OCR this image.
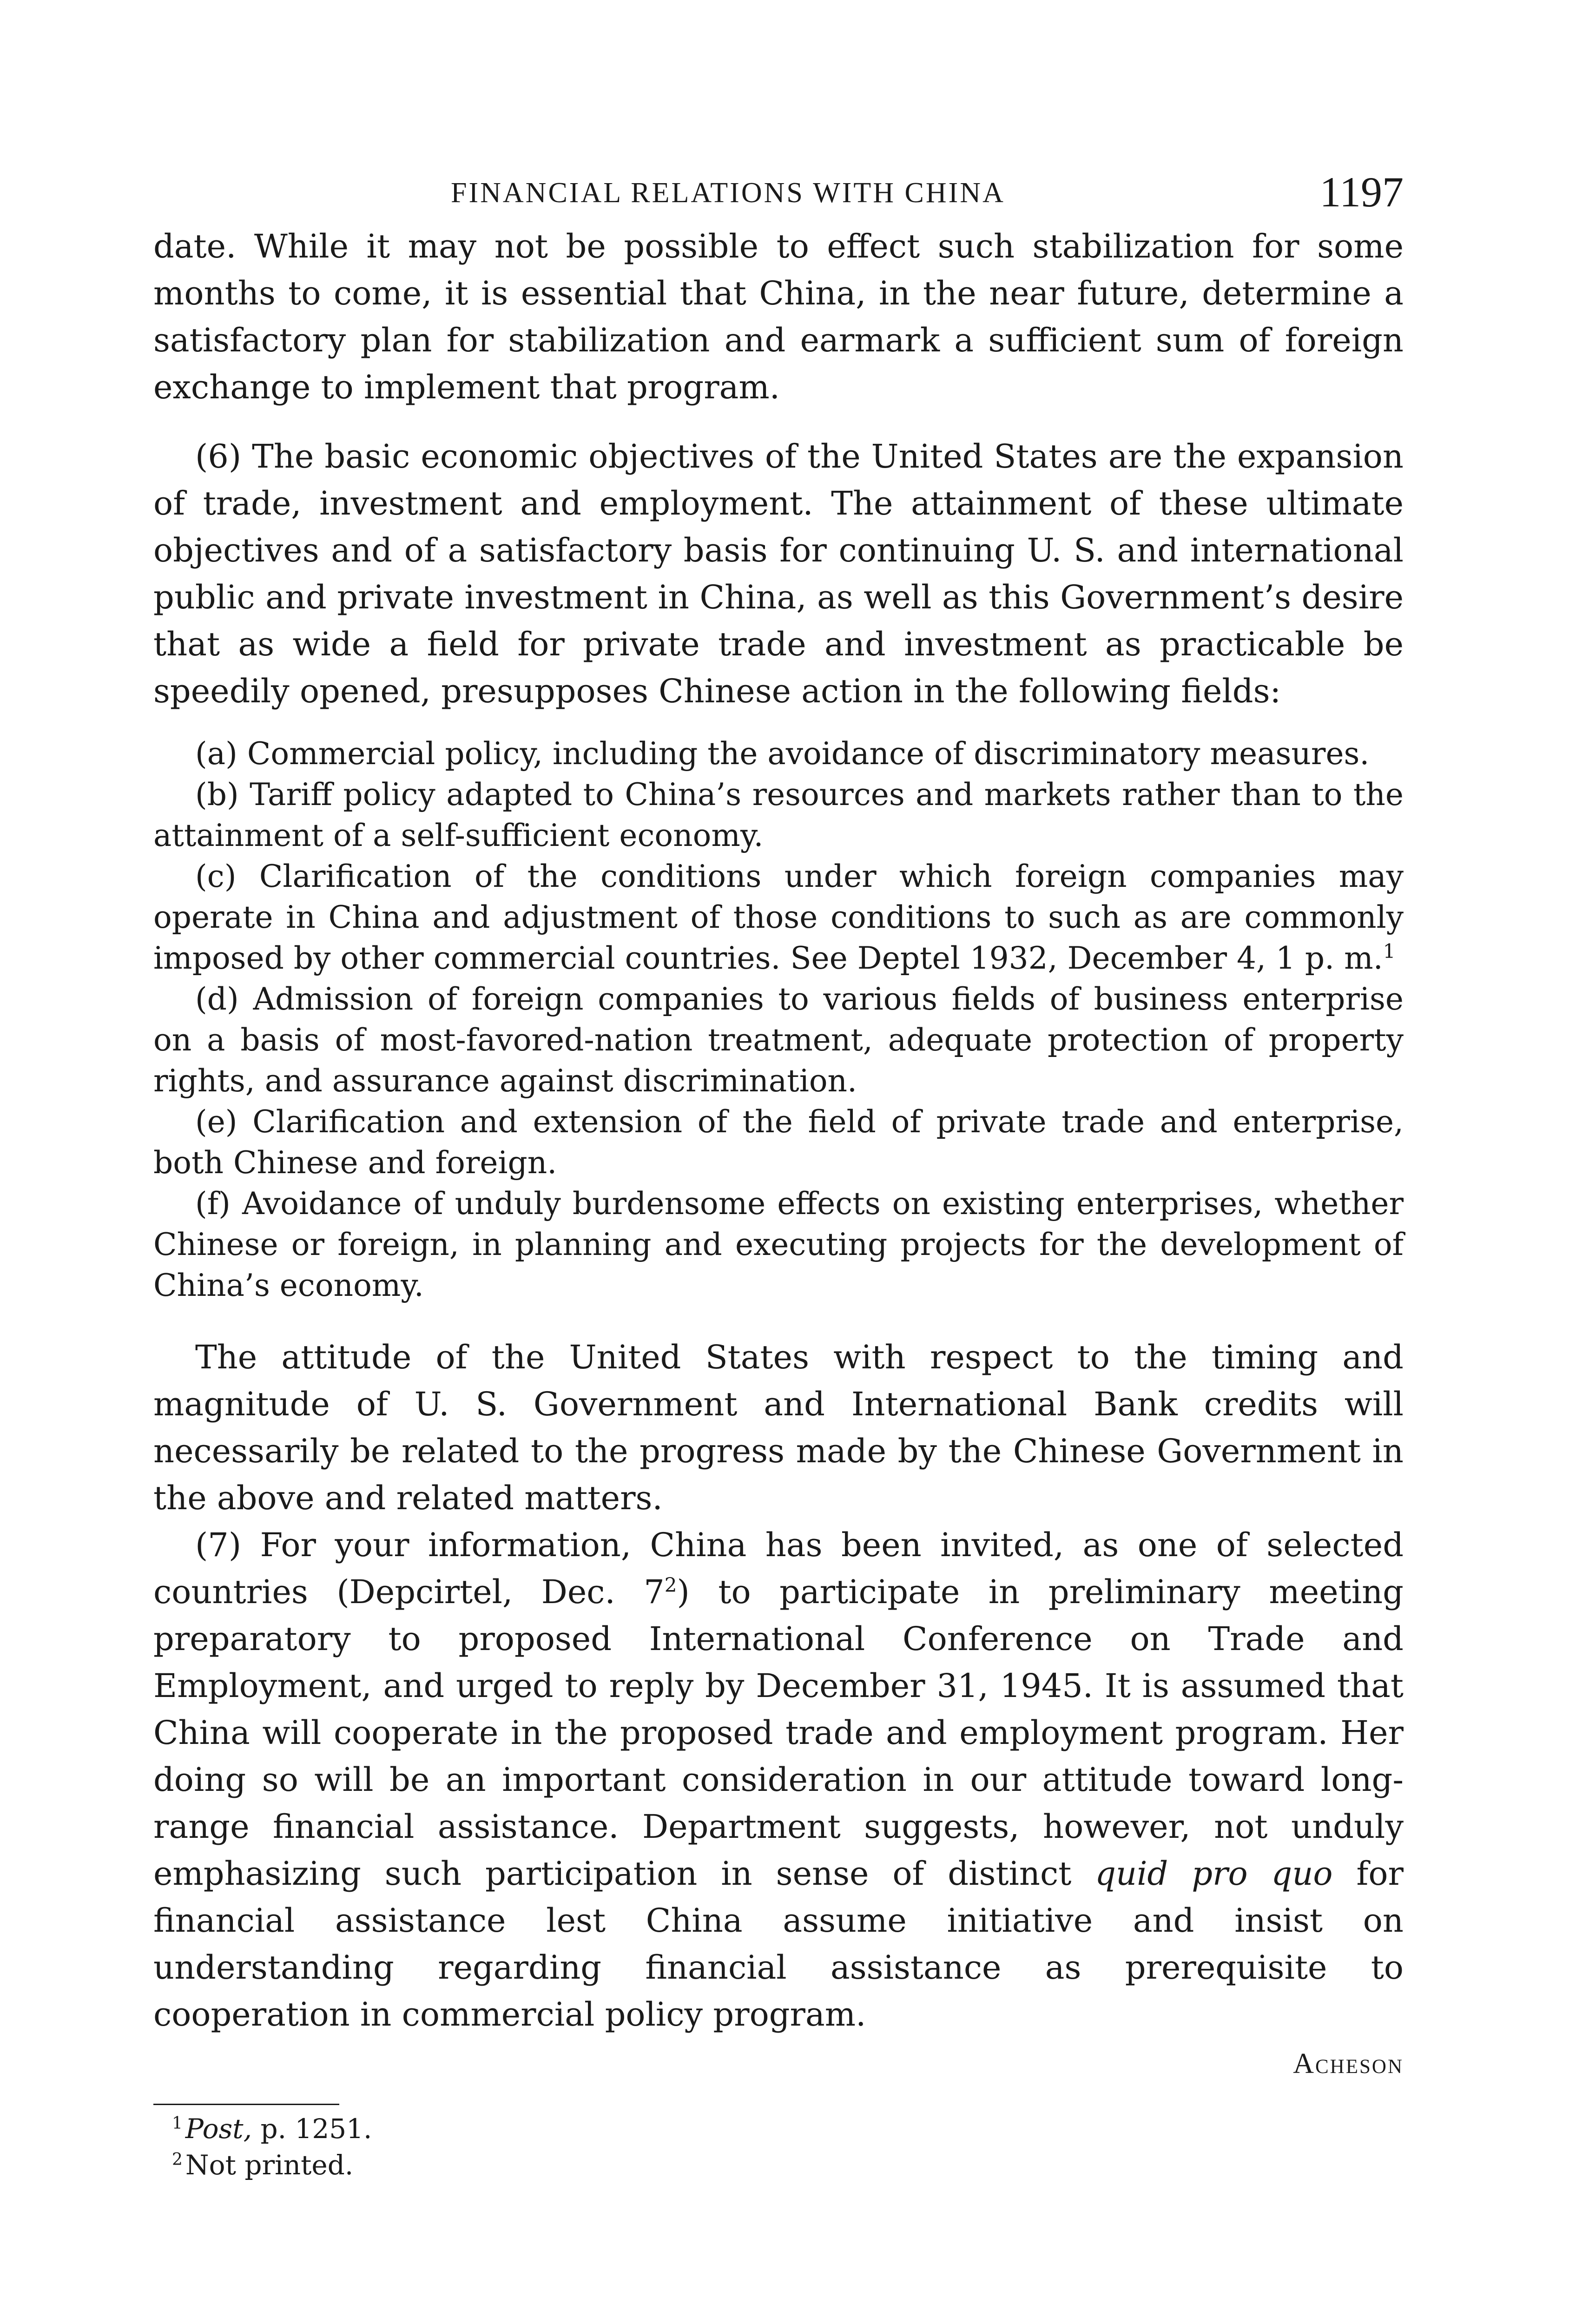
FINANCIAL RELATIONS WITH CHINA	1197

date. While it may not be possible to effect such stabilization for some months to come, it is essential that China, in the near future, determine a satisfactory plan for stabilization and earmark a sufficient sum of foreign exchange to implement that program.

(6) The basic economic objectives of the United States are the expansion of trade, investment and employment. The attainment of these ultimate objectives and of a satisfactory basis for continuing U. S. and international public and private investment in China, as well as this Government’s desire that as wide a field for private trade and investment as practicable be speedily opened, presupposes Chinese action in the following fields:

(a) Commercial policy, including the avoidance of discriminatory measures.

(b) Tariff policy adapted to China’s resources and markets rather than to the attainment of a self-sufficient economy.

(c) Clarification of the conditions under which foreign companies may operate in China and adjustment of those conditions to such as are commonly imposed by other commercial countries. See Deptel 1932, December 4, 1 p. m.$^1$

(d) Admission of foreign companies to various fields of business enterprise on a basis of most-favored-nation treatment, adequate protection of property rights, and assurance against discrimination.

(e) Clarification and extension of the field of private trade and enterprise, both Chinese and foreign.

(f) Avoidance of unduly burdensome effects on existing enterprises, whether Chinese or foreign, in planning and executing projects for the development of China’s economy.

The attitude of the United States with respect to the timing and magnitude of U. S. Government and International Bank credits will necessarily be related to the progress made by the Chinese Government in the above and related matters.

(7) For your information, China has been invited, as one of selected countries (Depcirtel, Dec. $7^2$) to participate in preliminary meeting preparatory to proposed International Conference on Trade and Employment, and urged to reply by December 31, 1945. It is assumed that China will cooperate in the proposed trade and employment program. Her doing so will be an important consideration in our attitude toward long-range financial assistance. Department suggests, however, not unduly emphasizing such participation in sense of distinct quid pro quo for financial assistance lest China assume initiative and insist on understanding regarding financial assistance as prerequisite to cooperation in commercial policy program.

Acheson
$^1$ Post, p. 1251.
$^2$ Not printed.
